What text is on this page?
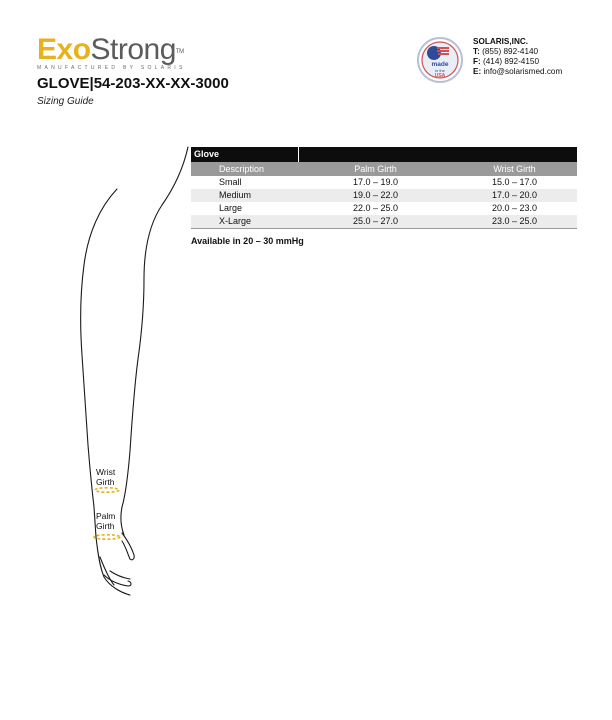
ExoStrong™
MANUFACTURED BY SOLARIS
GLOVE|54-203-XX-XX-3000
Sizing Guide
made
in the
USA
SOLARIS,INC.
T: (855) 892-4140
F: (414) 892-4150
E: info@solarismed.com
Glove
Description	Palm Girth	Wrist Girth
Small	17.0 – 19.0	15.0 – 17.0
Medium	19.0 – 22.0	17.0 – 20.0
Large	22.0 – 25.0	20.0 – 23.0
X-Large	25.0 – 27.0	23.0 – 25.0
Available in 20 – 30 mmHg
Wrist
Girth
Palm
Girth
